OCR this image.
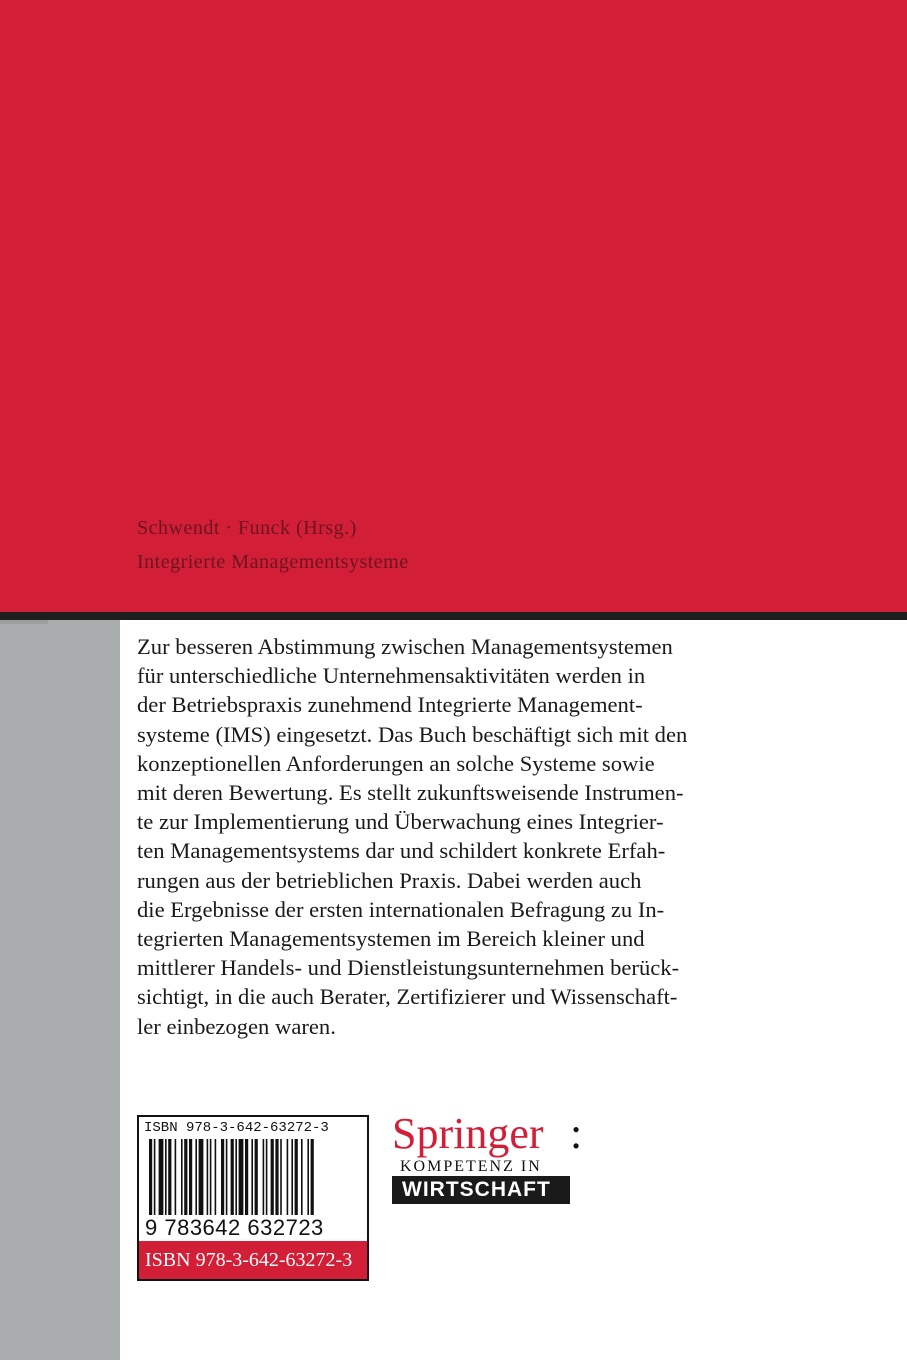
Schwendt · Funck (Hrsg.)

Integrierte Managementsysteme

Zur besseren Abstimmung zwischen Managementsystemen
für unterschiedliche Unternehmensaktivitäten werden in
der Betriebspraxis zunehmend Integrierte Management-
systeme (IMS) eingesetzt. Das Buch beschäftigt sich mit den
konzeptionellen Anforderungen an solche Systeme sowie
mit deren Bewertung. Es stellt zukunftsweisende Instrumen-
te zur Implementierung und Überwachung eines Integrier-
ten Managementsystems dar und schildert konkrete Erfah-
rungen aus der betrieblichen Praxis. Dabei werden auch
die Ergebnisse der ersten internationalen Befragung zu In-
tegrierten Managementsystemen im Bereich kleiner und
mittlerer Handels- und Dienstleistungsunternehmen berück-
sichtigt, in die auch Berater, Zertifizierer und Wissenschaft-
ler einbezogen waren.

ISBN 978-3-642-63272-3
9 783642 632723
ISBN 978-3-642-63272-3
Springer :
KOMPETENZ IN
WIRTSCHAFT
